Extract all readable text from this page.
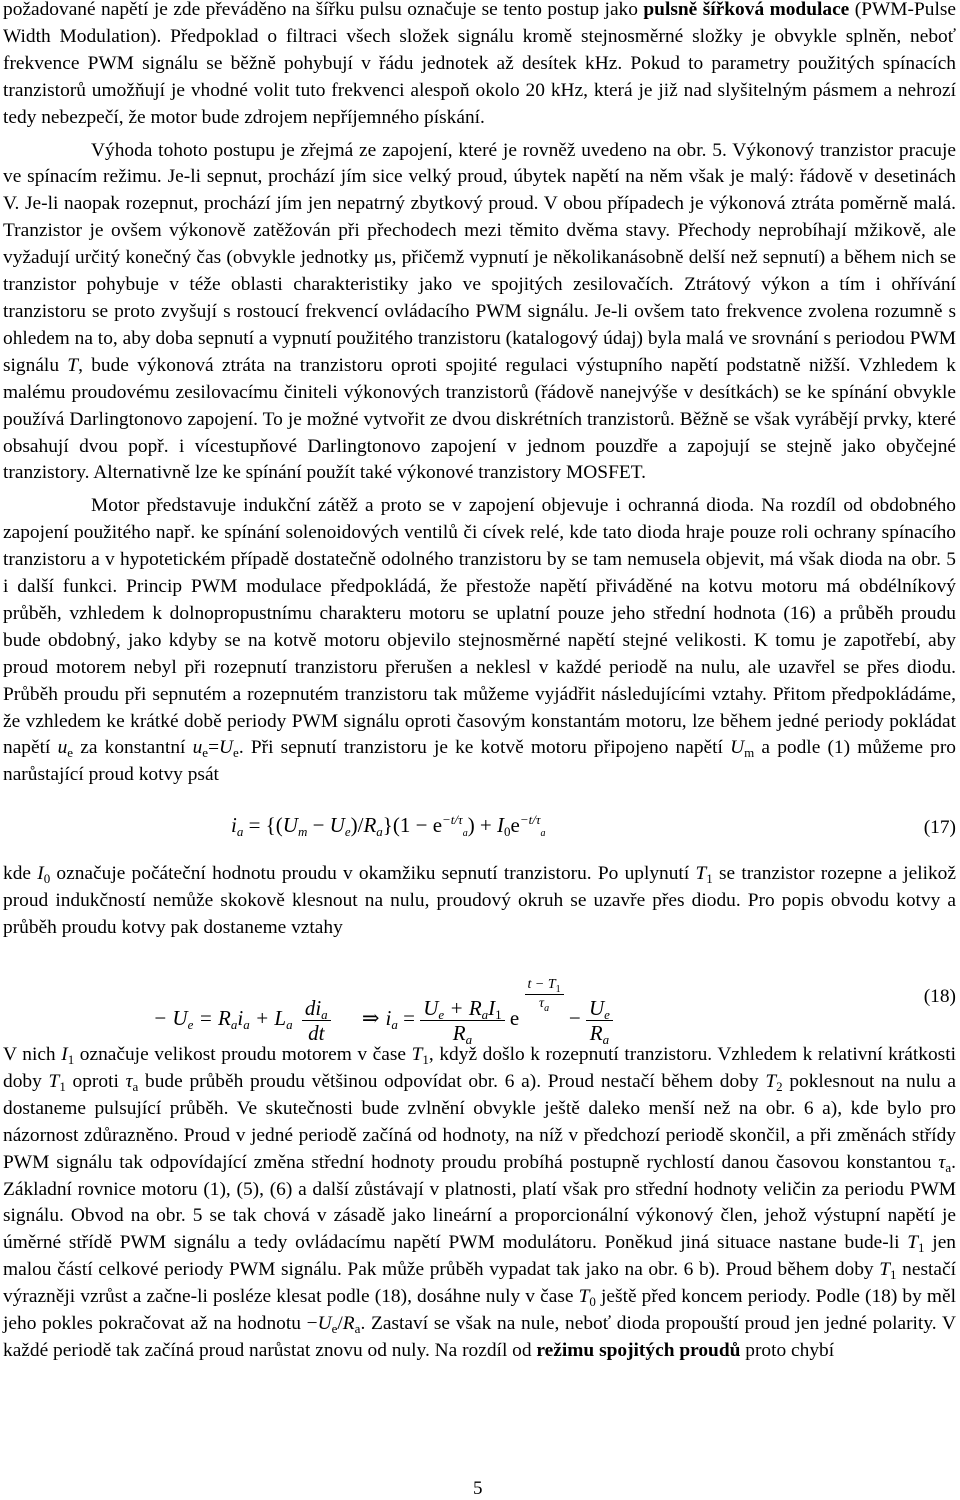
požadované napětí je zde převáděno na šířku pulsu označuje se tento postup jako pulsně šířková modulace (PWM-Pulse Width Modulation). Předpoklad o filtraci všech složek signálu kromě stejnosměrné složky je obvykle splněn, neboť frekvence PWM signálu se běžně pohybují v řádu jednotek až desítek kHz. Pokud to parametry použitých spínacích tranzistorů umožňují je vhodné volit tuto frekvenci alespoň okolo 20 kHz, která je již nad slyšitelným pásmem a nehrozí tedy nebezpečí, že motor bude zdrojem nepříjemného pískání.

Výhoda tohoto postupu je zřejmá ze zapojení, které je rovněž uvedeno na obr. 5. Výkonový tranzistor pracuje ve spínacím režimu. Je-li sepnut, prochází jím sice velký proud, úbytek napětí na něm však je malý: řádově v desetinách V. Je-li naopak rozepnut, prochází jím jen nepatrný zbytkový proud. V obou případech je výkonová ztráta poměrně malá. Tranzistor je ovšem výkonově zatěžován při přechodech mezi těmito dvěma stavy. Přechody neprobíhají mžikově, ale vyžadují určitý konečný čas (obvykle jednotky μs, přičemž vypnutí je několikanásobně delší než sepnutí) a během nich se tranzistor pohybuje v téže oblasti charakteristiky jako ve spojitých zesilovačích. Ztrátový výkon a tím i ohřívání tranzistoru se proto zvyšují s rostoucí frekvencí ovládacího PWM signálu. Je-li ovšem tato frekvence zvolena rozumně s ohledem na to, aby doba sepnutí a vypnutí použitého tranzistoru (katalogový údaj) byla malá ve srovnání s periodou PWM signálu T, bude výkonová ztráta na tranzistoru oproti spojité regulaci výstupního napětí podstatně nižší. Vzhledem k malému proudovému zesilovacímu činiteli výkonových tranzistorů (řádově nanejvýše v desítkách) se ke spínání obvykle používá Darlingtonovo zapojení. To je možné vytvořit ze dvou diskrétních tranzistorů. Běžně se však vyrábějí prvky, které obsahují dvou popř. i vícestupňové Darlingtonovo zapojení v jednom pouzdře a zapojují se stejně jako obyčejné tranzistory. Alternativně lze ke spínání použít také výkonové tranzistory MOSFET.

Motor představuje indukční zátěž a proto se v zapojení objevuje i ochranná dioda. Na rozdíl od obdobného zapojení použitého např. ke spínání solenoidových ventilů či cívek relé, kde tato dioda hraje pouze roli ochrany spínacího tranzistoru a v hypotetickém případě dostatečně odolného tranzistoru by se tam nemusela objevit, má však dioda na obr. 5 i další funkci. Princip PWM modulace předpokládá, že přestože napětí přiváděné na kotvu motoru má obdélníkový průběh, vzhledem k dolnopropustnímu charakteru motoru se uplatní pouze jeho střední hodnota (16) a průběh proudu bude obdobný, jako kdyby se na kotvě motoru objevilo stejnosměrné napětí stejné velikosti. K tomu je zapotřebí, aby proud motorem nebyl při rozepnutí tranzistoru přerušen a neklesl v každé periodě na nulu, ale uzavřel se přes diodu. Průběh proudu při sepnutém a rozepnutém tranzistoru tak můžeme vyjádřit následujícími vztahy. Přitom předpokládáme, že vzhledem ke krátké době periody PWM signálu oproti časovým konstantám motoru, lze během jedné periody pokládat napětí $u_e$ za konstantní $u_e=U_e$. Při sepnutí tranzistoru je ke kotvě motoru připojeno napětí $U_m$ a podle (1) můžeme pro narůstající proud kotvy psát

$i_a = \{(U_m - U_e)/R_a\}(1 - e^{-t/\tau}_a) + I_0e^{-t/\tau}_a$	(17)

kde $I_0$ označuje počáteční hodnotu proudu v okamžiku sepnutí tranzistoru. Po uplynutí $T_1$ se tranzistor rozepne a jelikož proud indukčností nemůže skokově klesnout na nulu, proudový okruh se uzavře přes diodu. Pro popis obvodu kotvy a průběh proudu kotvy pak dostaneme vztahy

− $U_e = R_ai_a + L_a \frac{di_a}{dt}$ ⇒ $i_a = \frac{U_e + R_aI_1}{R_a}$ e
$\frac{t - T_1}{\tau_a}$
− $\frac{U_e}{R_a}$	(18)

V nich $I_1$ označuje velikost proudu motorem v čase $T_1$, když došlo k rozepnutí tranzistoru. Vzhledem k relativní krátkosti doby $T_1$ oproti $\tau_a$ bude průběh proudu většinou odpovídat obr. 6 a). Proud nestačí během doby $T_2$ poklesnout na nulu a dostaneme pulsující průběh. Ve skutečnosti bude zvlnění obvykle ještě daleko menší než na obr. 6 a), kde bylo pro názornost zdůrazněno. Proud v jedné periodě začíná od hodnoty, na níž v předchozí periodě skončil, a při změnách střídy PWM signálu tak odpovídající změna střední hodnoty proudu probíhá postupně rychlostí danou časovou konstantou $\tau_a$. Základní rovnice motoru (1), (5), (6) a další zůstávají v platnosti, platí však pro střední hodnoty veličin za periodu PWM signálu. Obvod na obr. 5 se tak chová v zásadě jako lineární a proporcionální výkonový člen, jehož výstupní napětí je úměrné střídě PWM signálu a tedy ovládacímu napětí PWM modulátoru. Poněkud jiná situace nastane bude-li $T_1$ jen malou částí celkové periody PWM signálu. Pak může průběh vypadat tak jako na obr. 6 b). Proud během doby $T_1$ nestačí výrazněji vzrůst a začne-li posléze klesat podle (18), dosáhne nuly v čase $T_0$ ještě před koncem periody. Podle (18) by měl jeho pokles pokračovat až na hodnotu $-U_e/R_a$. Zastaví se však na nule, neboť dioda propouští proud jen jedné polarity. V každé periodě tak začíná proud narůstat znovu od nuly. Na rozdíl od režimu spojitých proudů proto chybí

5
